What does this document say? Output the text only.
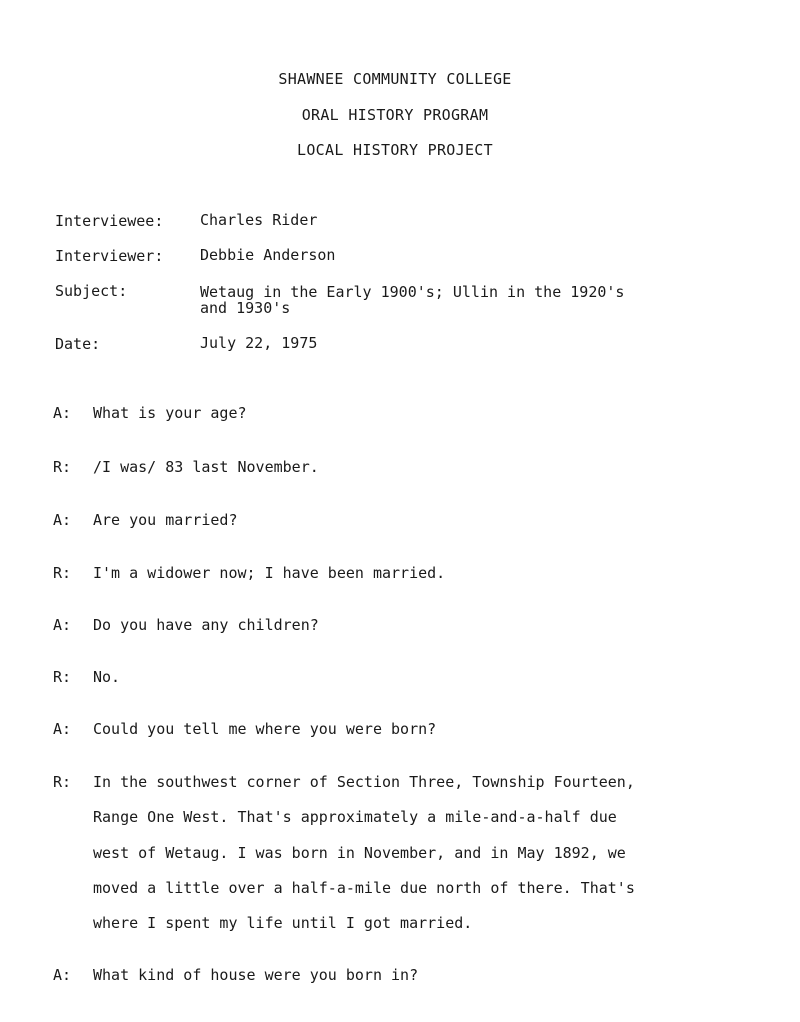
SHAWNEE COMMUNITY COLLEGE
ORAL HISTORY PROGRAM
LOCAL HISTORY PROJECT
Interviewee: Charles Rider
Interviewer: Debbie Anderson
Subject:	Wetaug in the Early 1900's; Ullin in the 1920's
and 1930's
Date:	July 22, 1975
A: What is your age?
R: /I was/ 83 last November.
A: Are you married?
R: I'm a widower now; I have been married.
A: Do you have any children?
R: No.
A: Could you tell me where you were born?
R: In the southwest corner of Section Three, Township Fourteen,
Range One West. That's approximately a mile-and-a-half due
west of Wetaug. I was born in November, and in May 1892, we
moved a little over a half-a-mile due north of there. That's
where I spent my life until I got married.
A: What kind of house were you born in?
